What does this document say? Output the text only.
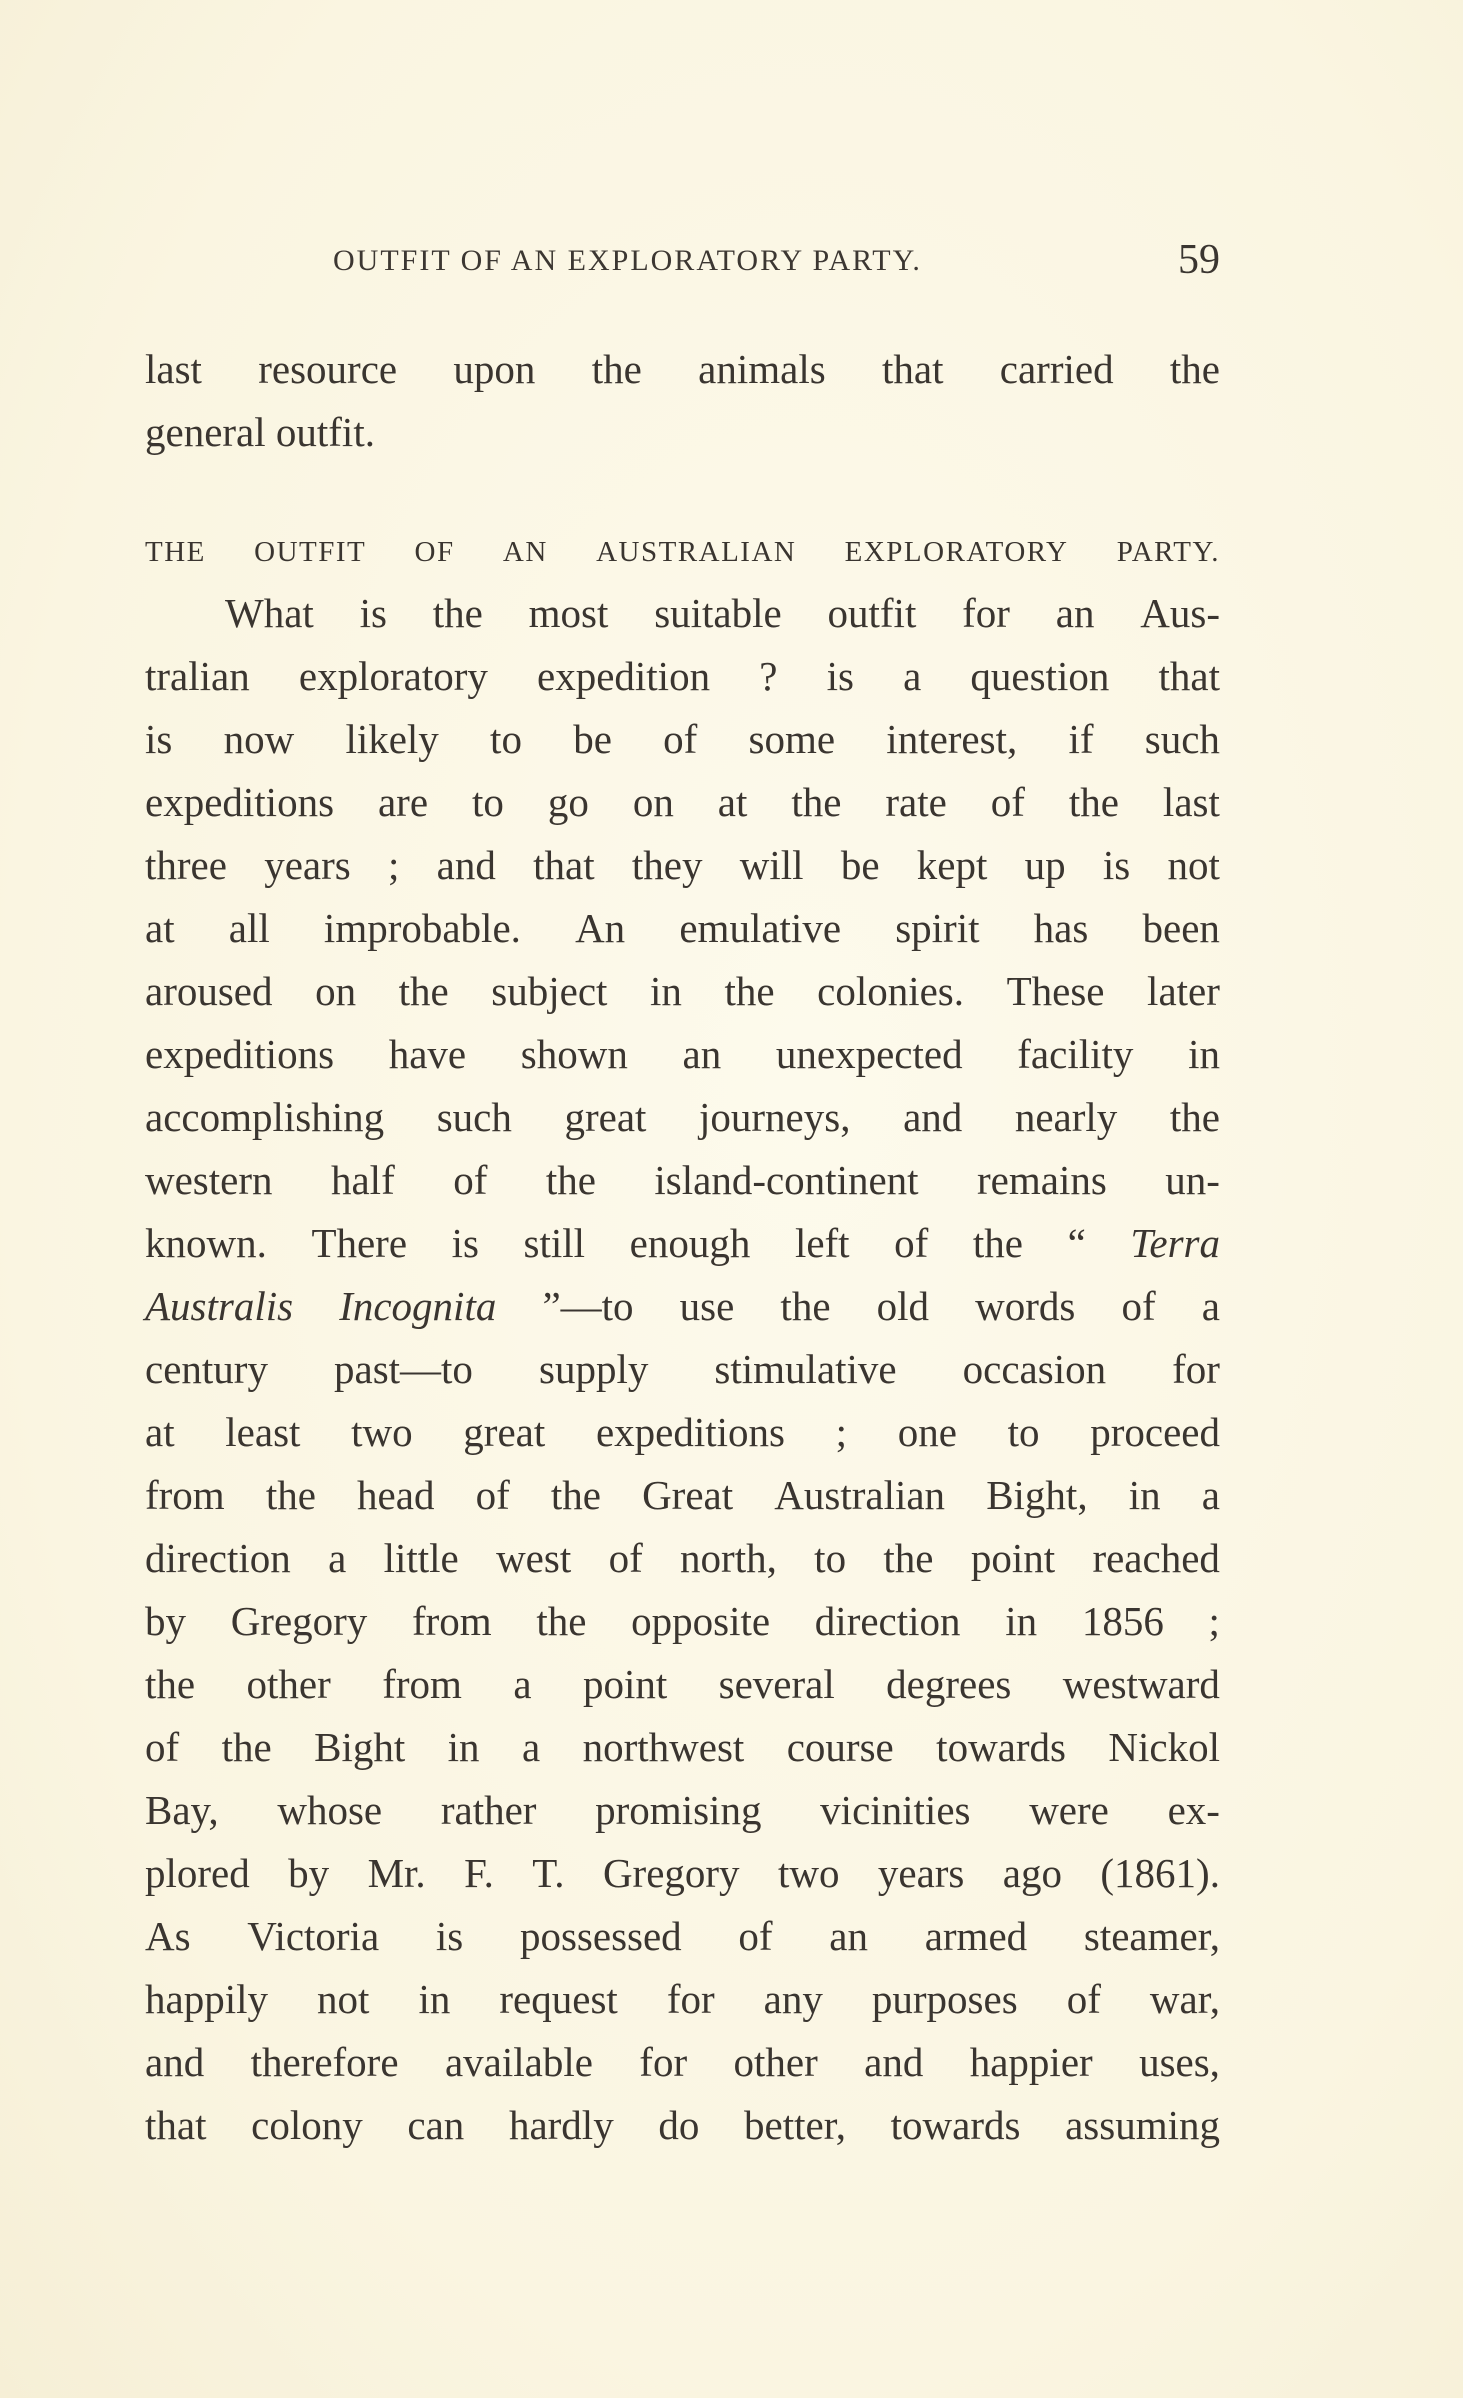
OUTFIT OF AN EXPLORATORY PARTY.	59
last resource upon the animals that carried the
general
outfit.
THE OUTFIT OF AN AUSTRALIAN EXPLORATORY PARTY.
What is the most suitable outfit for an Aus-
tralian exploratory expedition ? is a question that
is now likely to be of some interest, if such
expeditions are to go on at the rate of the last
three years ; and that they will be kept up is not
at all improbable. An emulative spirit has been
aroused on the subject in the colonies. These later
expeditions have shown an unexpected facility in
accomplishing such great journeys, and nearly the
western half of the island-continent remains un-
known. There is still enough left of the “ Terra
Australis Incognita ”—to use the old words of a
century past—to supply stimulative occasion for
at least two great expeditions ; one to proceed
from the head of the Great Australian Bight, in a
direction a little west of north, to the point reached
by Gregory from the opposite direction in 1856 ;
the other from a point several degrees westward
of the Bight in a northwest course towards Nickol
Bay, whose rather promising vicinities were ex-
plored by Mr. F. T. Gregory two years ago (1861).
As Victoria is possessed of an armed steamer,
happily not in request for any purposes of war,
and therefore available for other and happier uses,
that colony can hardly do better, towards assuming
